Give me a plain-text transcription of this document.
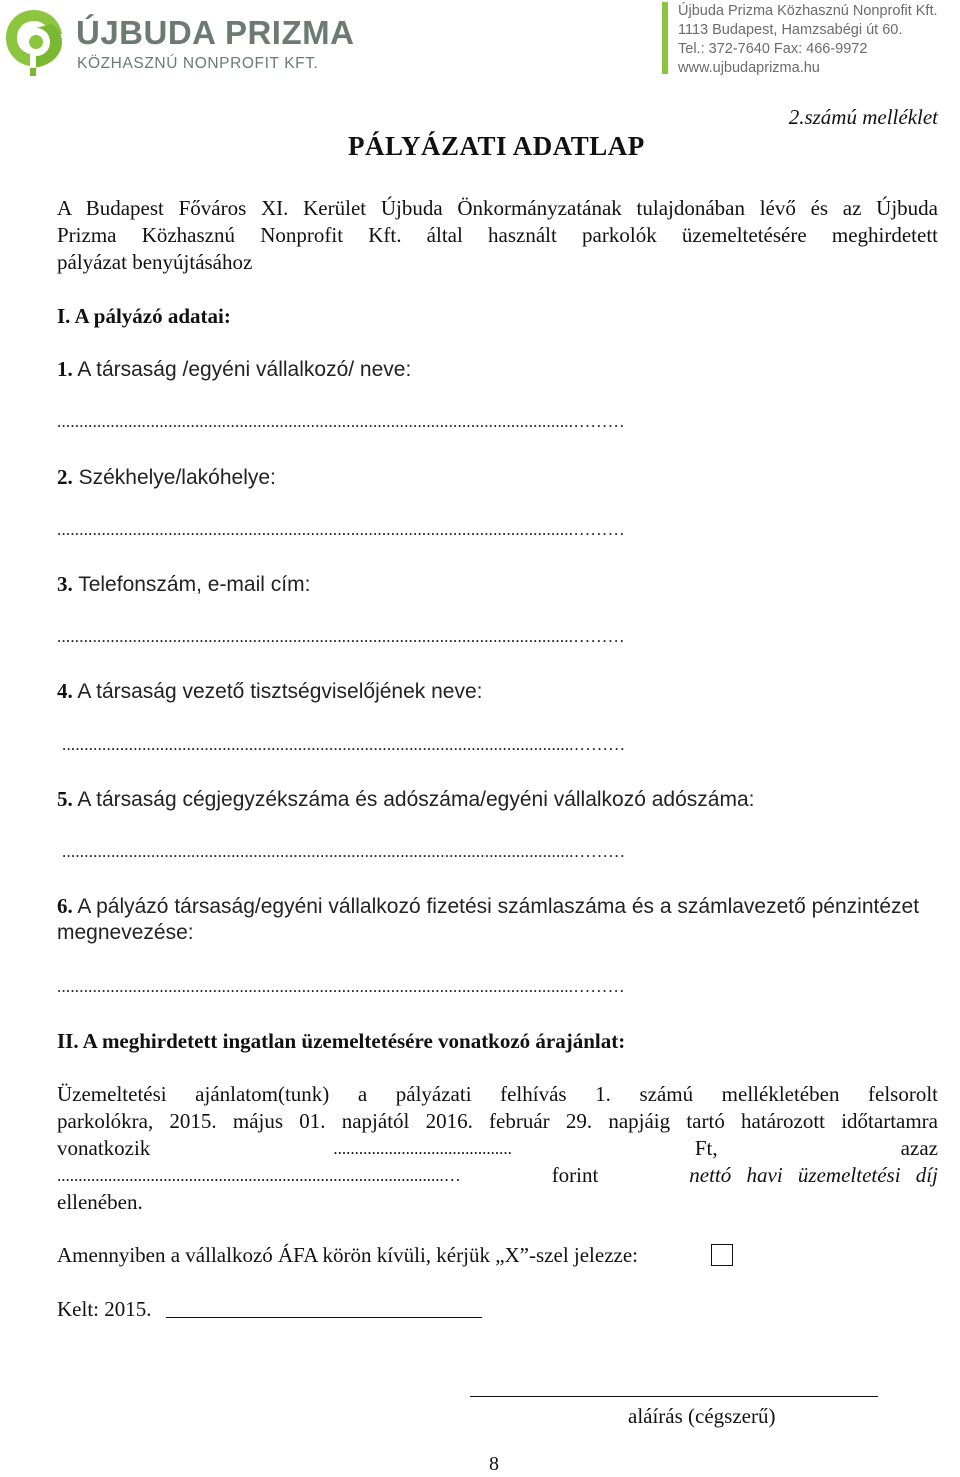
ÚJBUDA PRIZMA
KÖZHASZNÚ NONPROFIT KFT.
Újbuda Prizma Közhasznú Nonprofit Kft.
1113 Budapest, Hamzsabégi út 60.
Tel.: 372-7640 Fax: 466-9972
www.ujbudaprizma.hu
2.számú melléklet
PÁLYÁZATI ADATLAP
A Budapest Főváros XI. Kerület Újbuda Önkormányzatának tulajdonában lévő és az Újbuda
Prizma Közhasznú Nonprofit Kft. által használt parkolók üzemeltetésére meghirdetett
pályázat benyújtásához
I. A pályázó adatai:
1. A társaság /egyéni vállalkozó/ neve:
....................................................................................................................………
2. Székhelye/lakóhelye:
....................................................................................................................………
3. Telefonszám, e-mail cím:
....................................................................................................................………
4. A társaság vezető tisztségviselőjének neve:
...................................................................................................................………
5. A társaság cégjegyzékszáma és adószáma/egyéni vállalkozó adószáma:
...................................................................................................................………
6. A pályázó társaság/egyéni vállalkozó fizetési számlaszáma és a számlavezető pénzintézet
megnevezése:
....................................................................................................................………
II. A meghirdetett ingatlan üzemeltetésére vonatkozó árajánlat:
Üzemeltetési ajánlatom(tunk) a pályázati felhívás 1. számú mellékletében felsorolt
parkolókra, 2015. május 01. napjától 2016. február 29. napjáig tartó határozott időtartamra
vonatkozik	..........................................	Ft,	azaz
...........................................................................................…	forint	nettó havi üzemeltetési díj
ellenében.
Amennyiben a vállalkozó ÁFA körön kívüli, kérjük „X”-szel jelezze:
Kelt: 2015.
aláírás (cégszerű)
8
